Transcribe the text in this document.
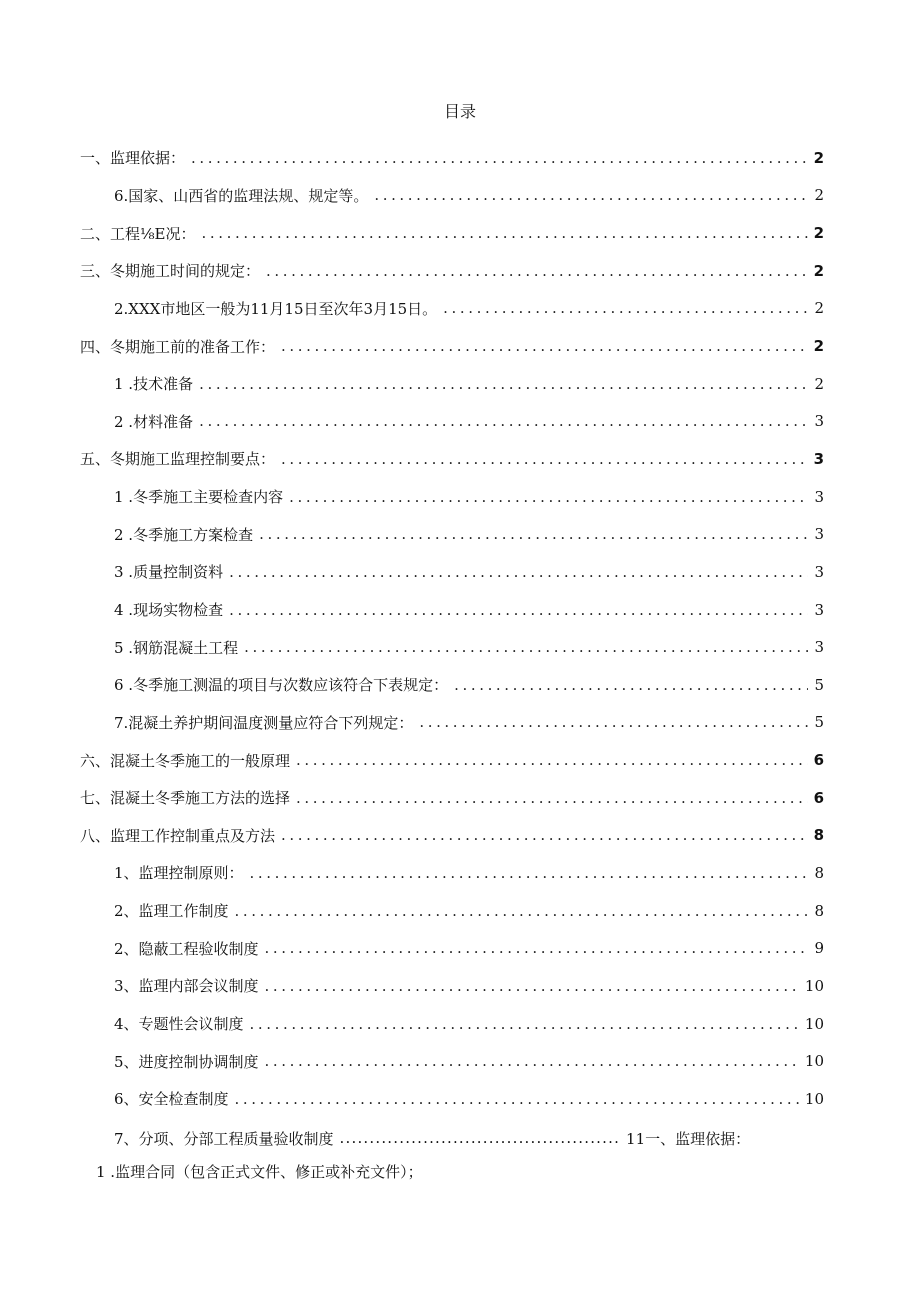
目录
一、监理依据： .....	2
6.国家、山西省的监理法规、规定等。 .....	2
二、工程⅛E况： .....	2
三、冬期施工时间的规定： .....	2
2.XXX市地区一般为11月15日至次年3月15日。 .....	2
四、冬期施工前的准备工作： .....	2
1 .技术准备 .....	2
2 .材料准备 .....	3
五、冬期施工监理控制要点： .....	3
1 .冬季施工主要检查内容 .....	3
2 .冬季施工方案检查 .....	3
3 .质量控制资料 .....	3
4 .现场实物检查 .....	3
5 .钢筋混凝土工程 .....	3
6 .冬季施工测温的项目与次数应该符合下表规定： .....	5
7.混凝土养护期间温度测量应符合下列规定： .....	5
六、混凝土冬季施工的一般原理 .....	6
七、混凝土冬季施工方法的选择 .....	6
八、监理工作控制重点及方法 .....	8
1、监理控制原则： .....	8
2、监理工作制度 .....	8
2、隐蔽工程验收制度 .....	9
3、监理内部会议制度 .....	10
4、专题性会议制度 .....	10
5、进度控制协调制度 .....	10
6、安全检查制度 .....	10
7、分项、分部工程质量验收制度 .....	11一、监理依据：
1 .监理合同（包含正式文件、修正或补充文件）；
